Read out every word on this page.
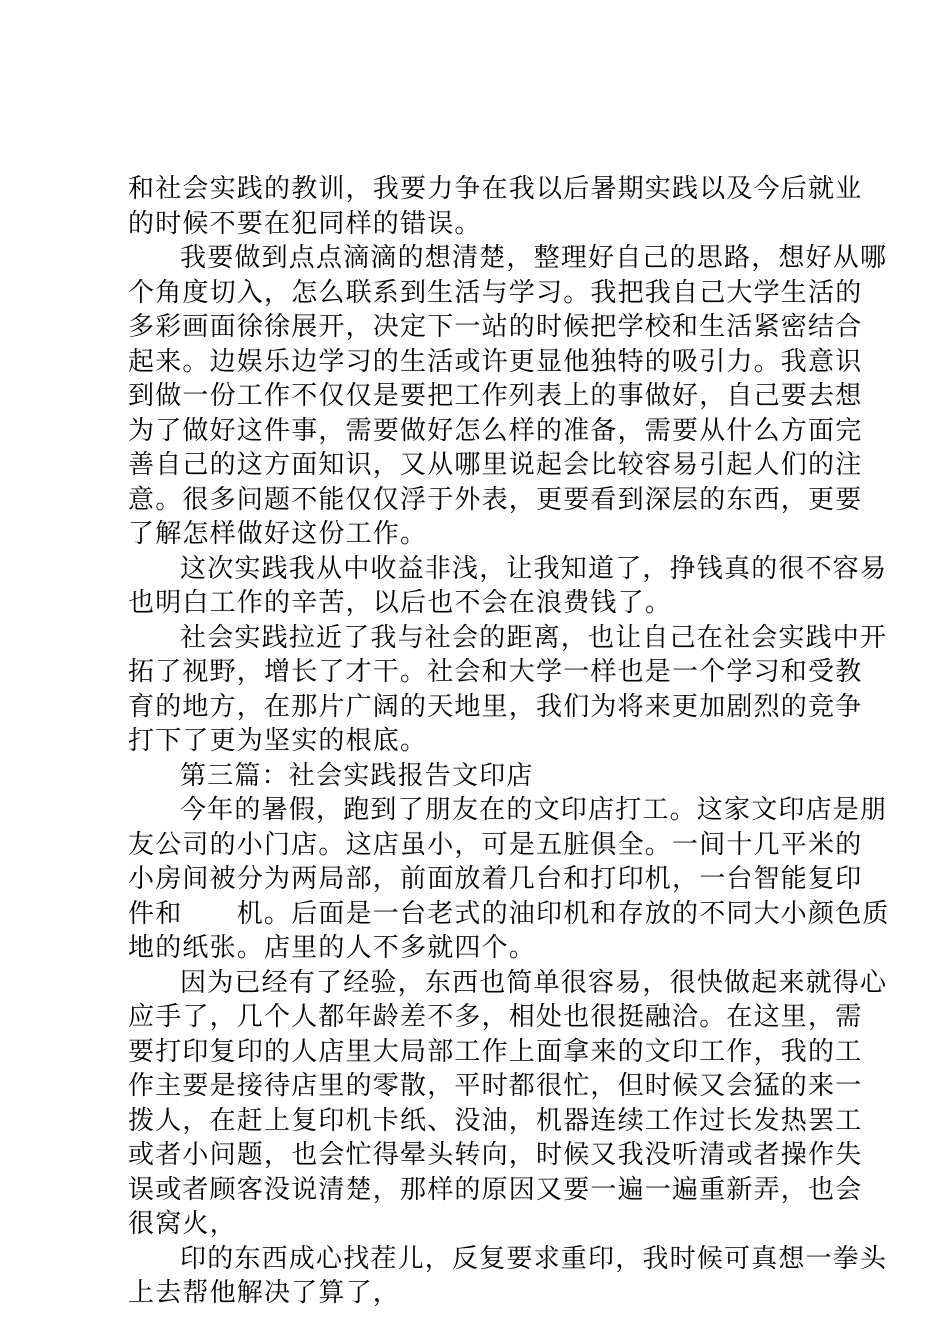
和社会实践的教训，我要力争在我以后暑期实践以及今后就业
的时候不要在犯同样的错误。

我要做到点点滴滴的想清楚，整理好自己的思路，想好从哪
个角度切入，怎么联系到生活与学习。我把我自己大学生活的
多彩画面徐徐展开，决定下一站的时候把学校和生活紧密结合
起来。边娱乐边学习的生活或许更显他独特的吸引力。我意识
到做一份工作不仅仅是要把工作列表上的事做好，自己要去想
为了做好这件事，需要做好怎么样的准备，需要从什么方面完
善自己的这方面知识，又从哪里说起会比较容易引起人们的注
意。很多问题不能仅仅浮于外表，更要看到深层的东西，更要
了解怎样做好这份工作。

这次实践我从中收益非浅，让我知道了，挣钱真的很不容易
也明白工作的辛苦，以后也不会在浪费钱了。

社会实践拉近了我与社会的距离，也让自己在社会实践中开
拓了视野，增长了才干。社会和大学一样也是一个学习和受教
育的地方，在那片广阔的天地里，我们为将来更加剧烈的竞争
打下了更为坚实的根底。

第三篇：社会实践报告文印店

今年的暑假，跑到了朋友在的文印店打工。这家文印店是朋
友公司的小门店。这店虽小，可是五脏俱全。一间十几平米的
小房间被分为两局部，前面放着几台和打印机，一台智能复印
件和　　机。后面是一台老式的油印机和存放的不同大小颜色质
地的纸张。店里的人不多就四个。

因为已经有了经验，东西也简单很容易，很快做起来就得心
应手了，几个人都年龄差不多，相处也很挺融洽。在这里，需
要打印复印的人店里大局部工作上面拿来的文印工作，我的工
作主要是接待店里的零散，平时都很忙，但时候又会猛的来一
拨人，在赶上复印机卡纸、没油，机器连续工作过长发热罢工
或者小问题，也会忙得晕头转向，时候又我没听清或者操作失
误或者顾客没说清楚，那样的原因又要一遍一遍重新弄，也会
很窝火，

印的东西成心找茬儿，反复要求重印，我时候可真想一拳头
上去帮他解决了算了，
